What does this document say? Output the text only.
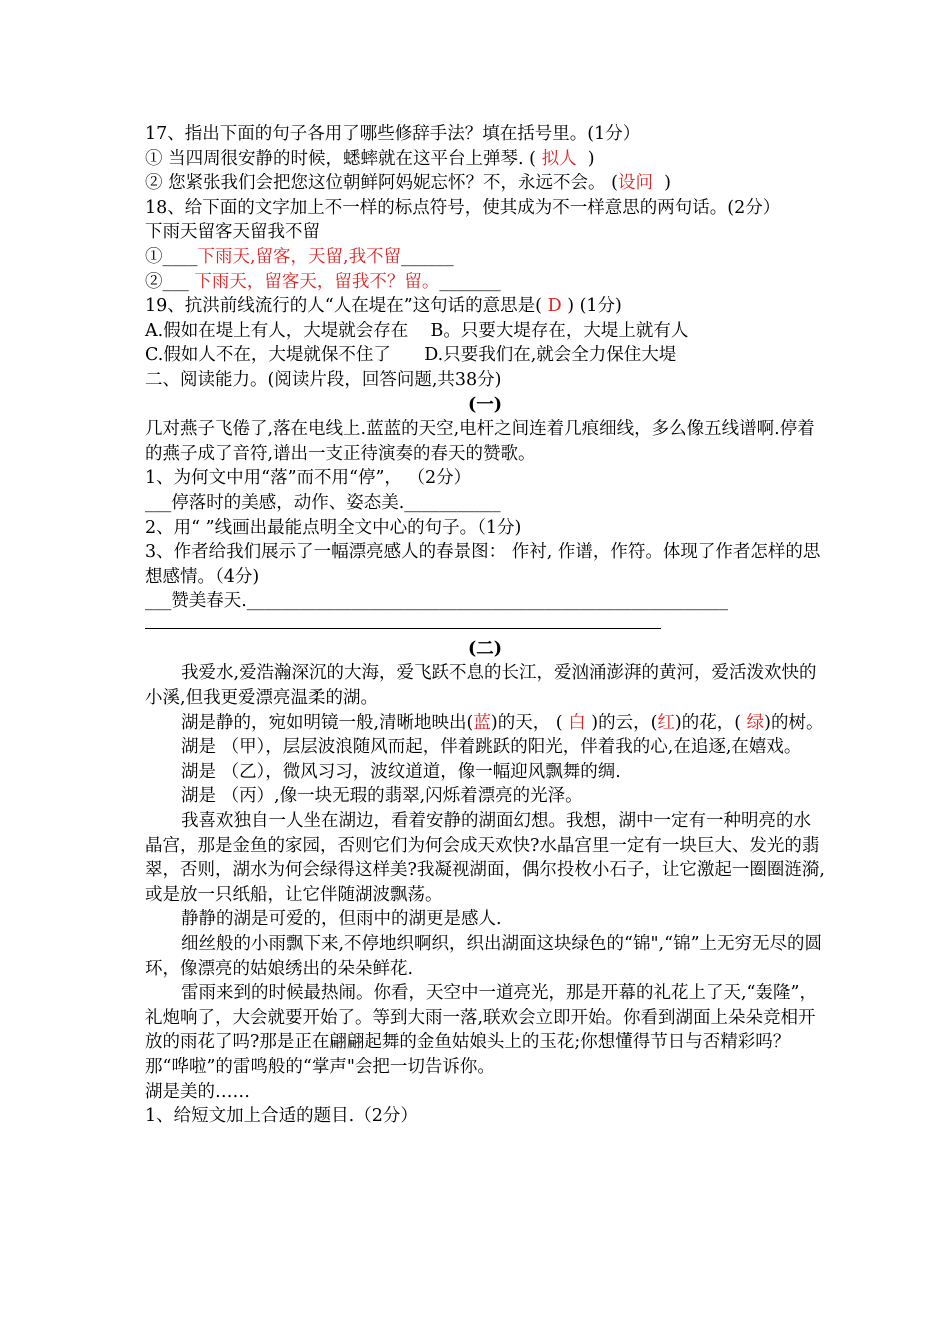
17、指出下面的句子各用了哪些修辞手法？填在括号里。(1分）
① 当四周很安静的时候，蟋蟀就在这平台上弹琴. ( 拟人 )
② 您紧张我们会把您这位朝鲜阿妈妮忘怀？不，永远不会。 (设问 )
18、给下面的文字加上不一样的标点符号，使其成为不一样意思的两句话。(2分）
下雨天留客天留我不留
①____下雨天,留客，天留,我不留______
②___ 下雨天，留客天，留我不？留。_______
19、抗洪前线流行的人“人在堤在”这句话的意思是( D ) (1分)
A.假如在堤上有人，大堤就会存在 B。只要大堤存在，大堤上就有人
C.假如人不在，大堤就保不住了 D.只要我们在,就会全力保住大堤
二、阅读能力。(阅读片段，回答问题,共38分)
(一)
几对燕子飞倦了,落在电线上.蓝蓝的天空,电杆之间连着几痕细线，多么像五线谱啊.停着的燕子成了音符,谱出一支正待演奏的春天的赞歌。
1、为何文中用“落”而不用“停”， （2分）
___停落时的美感，动作、姿态美.___________
2、用“ ”线画出最能点明全文中心的句子。（1分)
3、作者给我们展示了一幅漂亮感人的春景图： 作衬, 作谱，作符。体现了作者怎样的思想感情。（4分)
___赞美春天._______________________________________________________
(二)
我爱水,爱浩瀚深沉的大海，爱飞跃不息的长江，爱汹涌澎湃的黄河，爱活泼欢快的小溪,但我更爱漂亮温柔的湖。
湖是静的，宛如明镜一般,清晰地映出(蓝)的天， ( 白 )的云，(红)的花，( 绿)的树。
湖是 （甲），层层波浪随风而起，伴着跳跃的阳光，伴着我的心,在追逐,在嬉戏。
湖是 （乙），微风习习，波纹道道，像一幅迎风飘舞的绸.
湖是 （丙）,像一块无瑕的翡翠,闪烁着漂亮的光泽。
我喜欢独自一人坐在湖边，看着安静的湖面幻想。我想，湖中一定有一种明亮的水晶宫，那是金鱼的家园，否则它们为何会成天欢快?水晶宫里一定有一块巨大、发光的翡翠，否则，湖水为何会绿得这样美?我凝视湖面，偶尔投枚小石子，让它激起一圈圈涟漪,或是放一只纸船，让它伴随湖波飘荡。
静静的湖是可爱的，但雨中的湖更是感人.
细丝般的小雨飘下来,不停地织啊织，织出湖面这块绿色的“锦",“锦”上无穷无尽的圆环，像漂亮的姑娘绣出的朵朵鲜花.
雷雨来到的时候最热闹。你看，天空中一道亮光，那是开幕的礼花上了天,“轰隆”，礼炮响了，大会就要开始了。等到大雨一落,联欢会立即开始。你看到湖面上朵朵竞相开放的雨花了吗?那是正在翩翩起舞的金鱼姑娘头上的玉花;你想懂得节日与否精彩吗？那“哗啦”的雷鸣般的“掌声"会把一切告诉你。
湖是美的……
1、给短文加上合适的题目.（2分）
